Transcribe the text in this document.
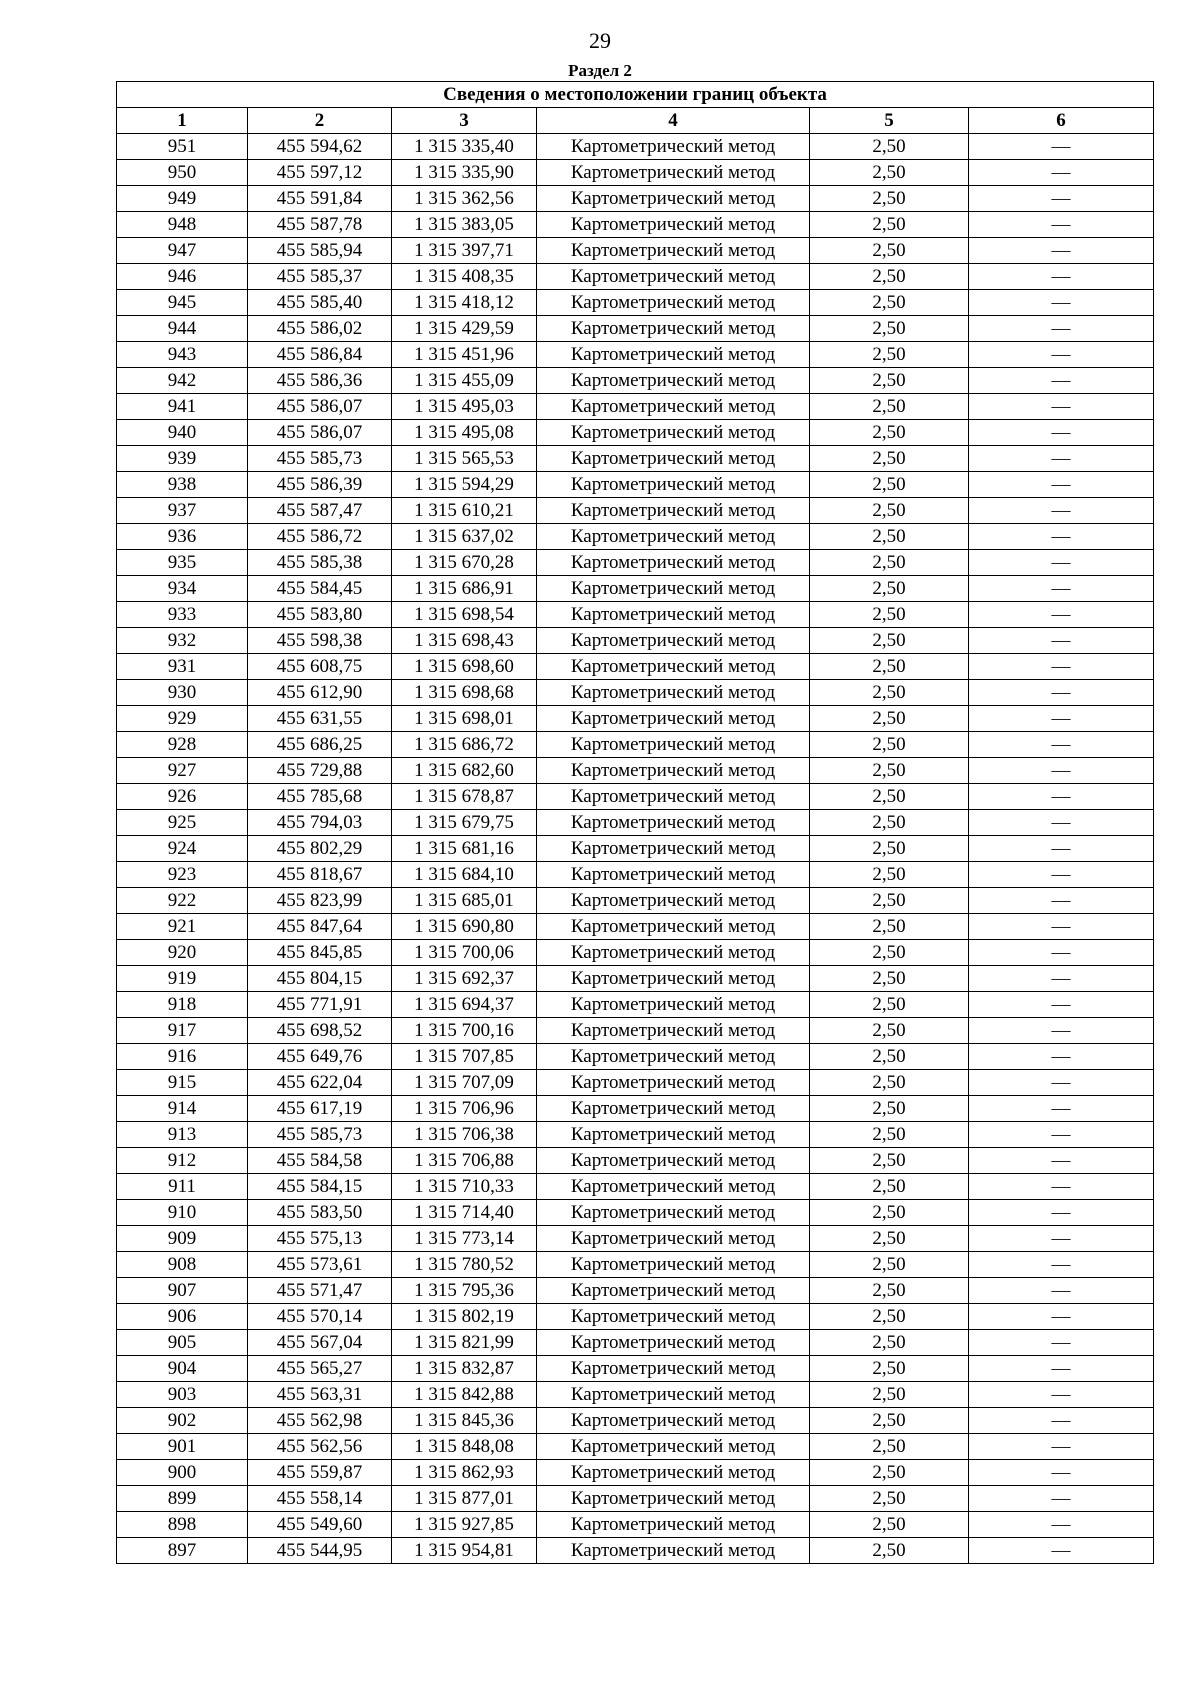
29
Раздел 2
Сведения о местоположении границ объекта					
1	2	3	4	5	6
951	455 594,62	1 315 335,40	Картометрический метод	2,50	—
950	455 597,12	1 315 335,90	Картометрический метод	2,50	—
949	455 591,84	1 315 362,56	Картометрический метод	2,50	—
948	455 587,78	1 315 383,05	Картометрический метод	2,50	—
947	455 585,94	1 315 397,71	Картометрический метод	2,50	—
946	455 585,37	1 315 408,35	Картометрический метод	2,50	—
945	455 585,40	1 315 418,12	Картометрический метод	2,50	—
944	455 586,02	1 315 429,59	Картометрический метод	2,50	—
943	455 586,84	1 315 451,96	Картометрический метод	2,50	—
942	455 586,36	1 315 455,09	Картометрический метод	2,50	—
941	455 586,07	1 315 495,03	Картометрический метод	2,50	—
940	455 586,07	1 315 495,08	Картометрический метод	2,50	—
939	455 585,73	1 315 565,53	Картометрический метод	2,50	—
938	455 586,39	1 315 594,29	Картометрический метод	2,50	—
937	455 587,47	1 315 610,21	Картометрический метод	2,50	—
936	455 586,72	1 315 637,02	Картометрический метод	2,50	—
935	455 585,38	1 315 670,28	Картометрический метод	2,50	—
934	455 584,45	1 315 686,91	Картометрический метод	2,50	—
933	455 583,80	1 315 698,54	Картометрический метод	2,50	—
932	455 598,38	1 315 698,43	Картометрический метод	2,50	—
931	455 608,75	1 315 698,60	Картометрический метод	2,50	—
930	455 612,90	1 315 698,68	Картометрический метод	2,50	—
929	455 631,55	1 315 698,01	Картометрический метод	2,50	—
928	455 686,25	1 315 686,72	Картометрический метод	2,50	—
927	455 729,88	1 315 682,60	Картометрический метод	2,50	—
926	455 785,68	1 315 678,87	Картометрический метод	2,50	—
925	455 794,03	1 315 679,75	Картометрический метод	2,50	—
924	455 802,29	1 315 681,16	Картометрический метод	2,50	—
923	455 818,67	1 315 684,10	Картометрический метод	2,50	—
922	455 823,99	1 315 685,01	Картометрический метод	2,50	—
921	455 847,64	1 315 690,80	Картометрический метод	2,50	—
920	455 845,85	1 315 700,06	Картометрический метод	2,50	—
919	455 804,15	1 315 692,37	Картометрический метод	2,50	—
918	455 771,91	1 315 694,37	Картометрический метод	2,50	—
917	455 698,52	1 315 700,16	Картометрический метод	2,50	—
916	455 649,76	1 315 707,85	Картометрический метод	2,50	—
915	455 622,04	1 315 707,09	Картометрический метод	2,50	—
914	455 617,19	1 315 706,96	Картометрический метод	2,50	—
913	455 585,73	1 315 706,38	Картометрический метод	2,50	—
912	455 584,58	1 315 706,88	Картометрический метод	2,50	—
911	455 584,15	1 315 710,33	Картометрический метод	2,50	—
910	455 583,50	1 315 714,40	Картометрический метод	2,50	—
909	455 575,13	1 315 773,14	Картометрический метод	2,50	—
908	455 573,61	1 315 780,52	Картометрический метод	2,50	—
907	455 571,47	1 315 795,36	Картометрический метод	2,50	—
906	455 570,14	1 315 802,19	Картометрический метод	2,50	—
905	455 567,04	1 315 821,99	Картометрический метод	2,50	—
904	455 565,27	1 315 832,87	Картометрический метод	2,50	—
903	455 563,31	1 315 842,88	Картометрический метод	2,50	—
902	455 562,98	1 315 845,36	Картометрический метод	2,50	—
901	455 562,56	1 315 848,08	Картометрический метод	2,50	—
900	455 559,87	1 315 862,93	Картометрический метод	2,50	—
899	455 558,14	1 315 877,01	Картометрический метод	2,50	—
898	455 549,60	1 315 927,85	Картометрический метод	2,50	—
897	455 544,95	1 315 954,81	Картометрический метод	2,50	—
